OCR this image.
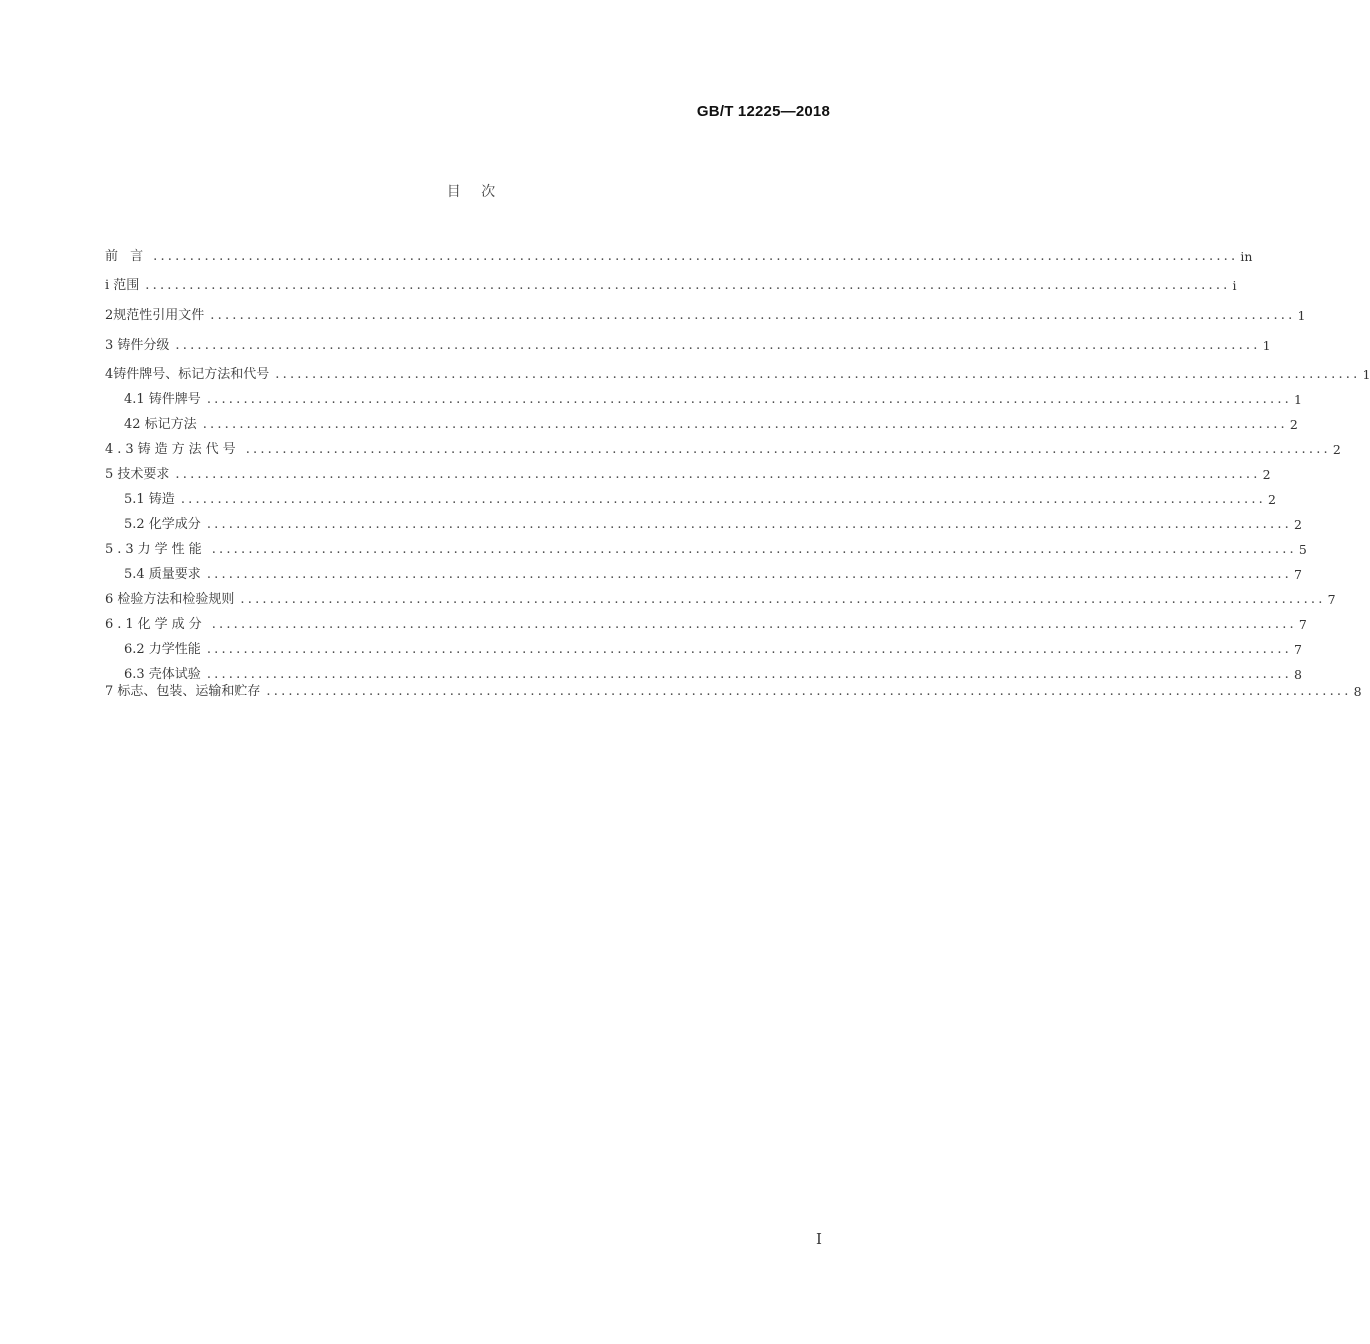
GB/T 12225—2018
目 次
前 言 .................................................................................................................................................... in
i 范围 .................................................................................................................................................... i
2规范性引用文件 .................................................................................................................................................... 1
3 铸件分级 .................................................................................................................................................... 1
4铸件牌号、标记方法和代号 .................................................................................................................................................... 1
4.1 铸件牌号 .................................................................................................................................................... 1
42 标记方法 .................................................................................................................................................... 2
4.3铸造方法代号 .................................................................................................................................................... 2
5 技术要求 .................................................................................................................................................... 2
5.1 铸造 .................................................................................................................................................... 2
5.2 化学成分 .................................................................................................................................................... 2
5.3力学性能 .................................................................................................................................................... 5
5.4 质量要求 .................................................................................................................................................... 7
6 检验方法和检验规则 .................................................................................................................................................... 7
6.1化学成分 .................................................................................................................................................... 7
6.2 力学性能 .................................................................................................................................................... 7
6.3 壳体试验 .................................................................................................................................................... 8
7 标志、包装、运输和贮存 .................................................................................................................................................... 8
I
